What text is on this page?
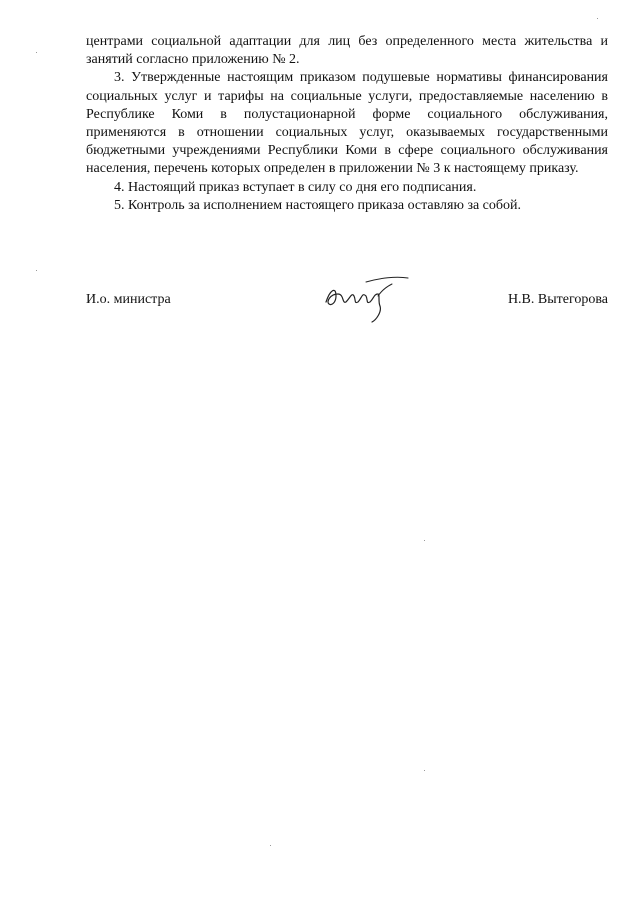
центрами социальной адаптации для лиц без определенного места жительства и занятий согласно приложению № 2.

3. Утвержденные настоящим приказом подушевые нормативы финансирования социальных услуг и тарифы на социальные услуги, предоставляемые населению в Республике Коми в полустационарной форме социального обслуживания, применяются в отношении социальных услуг, оказываемых государственными бюджетными учреждениями Республики Коми в сфере социального обслуживания населения, перечень которых определен в приложении № 3 к настоящему приказу.

4. Настоящий приказ вступает в силу со дня его подписания.

5. Контроль за исполнением настоящего приказа оставляю за собой.

И.о. министра	Н.В. Вытегорова
